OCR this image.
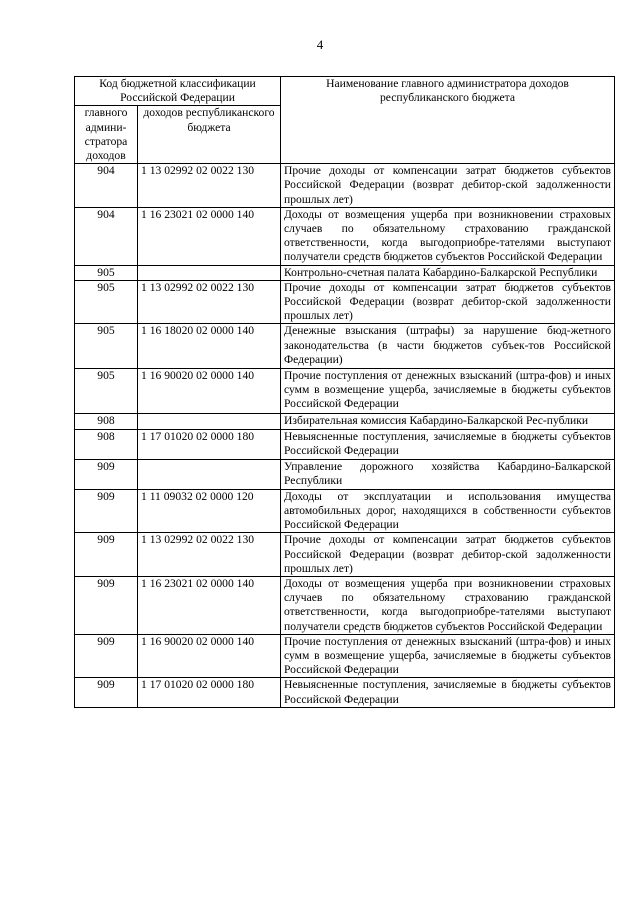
4
Код бюджетной классификации Российской Федерации		Наименование главного администратора доходов республиканского бюджета
главного админи-стратора доходов	доходов республиканского бюджета	
904	1 13 02992 02 0022 130	Прочие доходы от компенсации затрат бюджетов субъектов Российской Федерации (возврат дебитор-ской задолженности прошлых лет)
904	1 16 23021 02 0000 140	Доходы от возмещения ущерба при возникновении страховых случаев по обязательному страхованию гражданской ответственности, когда выгодоприобре-тателями выступают получатели средств бюджетов субъектов Российской Федерации
905		Контрольно-счетная палата Кабардино-Балкарской Республики
905	1 13 02992 02 0022 130	Прочие доходы от компенсации затрат бюджетов субъектов Российской Федерации (возврат дебитор-ской задолженности прошлых лет)
905	1 16 18020 02 0000 140	Денежные взыскания (штрафы) за нарушение бюд-жетного законодательства (в части бюджетов субъек-тов Российской Федерации)
905	1 16 90020 02 0000 140	Прочие поступления от денежных взысканий (штра-фов) и иных сумм в возмещение ущерба, зачисляемые в бюджеты субъектов Российской Федерации
908		Избирательная комиссия Кабардино-Балкарской Рес-публики
908	1 17 01020 02 0000 180	Невыясненные поступления, зачисляемые в бюджеты субъектов Российской Федерации
909		Управление дорожного хозяйства Кабардино-Балкарской Республики
909	1 11 09032 02 0000 120	Доходы от эксплуатации и использования имущества автомобильных дорог, находящихся в собственности субъектов Российской Федерации
909	1 13 02992 02 0022 130	Прочие доходы от компенсации затрат бюджетов субъектов Российской Федерации (возврат дебитор-ской задолженности прошлых лет)
909	1 16 23021 02 0000 140	Доходы от возмещения ущерба при возникновении страховых случаев по обязательному страхованию гражданской ответственности, когда выгодоприобре-тателями выступают получатели средств бюджетов субъектов Российской Федерации
909	1 16 90020 02 0000 140	Прочие поступления от денежных взысканий (штра-фов) и иных сумм в возмещение ущерба, зачисляемые в бюджеты субъектов Российской Федерации
909	1 17 01020 02 0000 180	Невыясненные поступления, зачисляемые в бюджеты субъектов Российской Федерации
